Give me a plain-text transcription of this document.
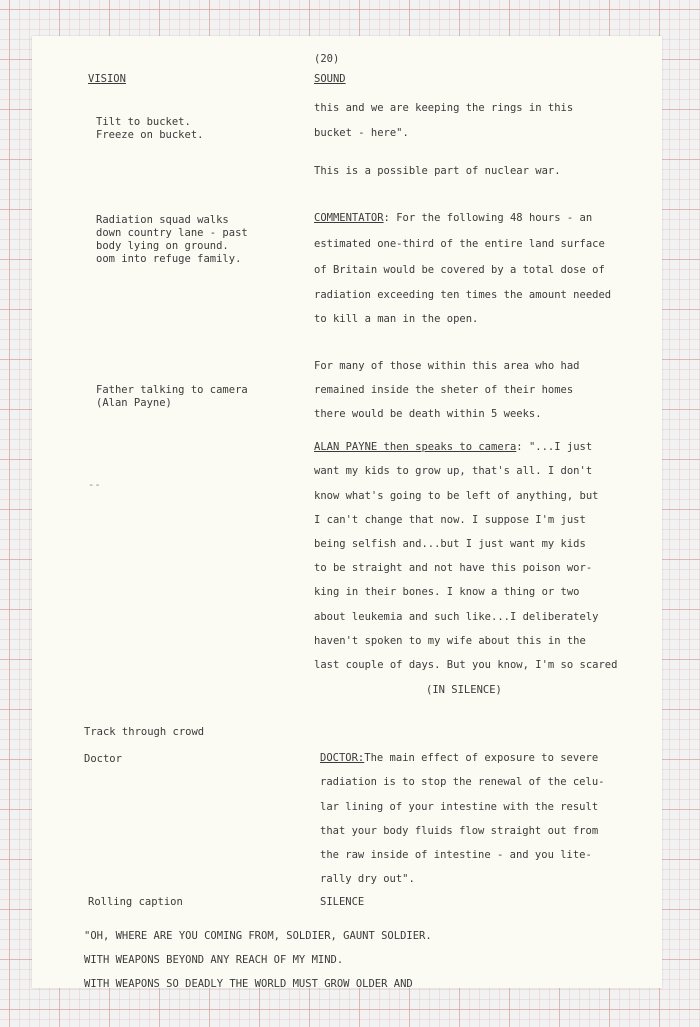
(20)

VISION	SOUND

Tilt to bucket.

Freeze on bucket.

Radiation squad walks

down country lane - past

body lying on ground.

oom into refuge family.

Father talking to camera

(Alan Payne)

--

Track through crowd

Doctor

Rolling caption

this and we are keeping the rings in this

bucket - here".

This is a possible part of nuclear war.

COMMENTATOR: For the following 48 hours - an

estimated one-third of the entire land surface

of Britain would be covered by a total dose of

radiation exceeding ten times the amount needed

to kill a man in the open.

For many of those within this area who had

remained inside the sheter of their homes

there would be death within 5 weeks.

ALAN PAYNE then speaks to camera: "...I just

want my kids to grow up, that's all. I don't

know what's going to be left of anything, but

I can't change that now. I suppose I'm just

being selfish and...but I just want my kids

to be straight and not have this poison wor-

king in their bones. I know a thing or two

about leukemia and such like...I deliberately

haven't spoken to my wife about this in the

last couple of days. But you know, I'm so scared

(IN SILENCE)

DOCTOR:The main effect of exposure to severe

radiation is to stop the renewal of the celu-

lar lining of your intestine with the result

that your body fluids flow straight out from

the raw inside of intestine - and you lite-

rally dry out".

SILENCE

"OH, WHERE ARE YOU COMING FROM, SOLDIER, GAUNT SOLDIER.

WITH WEAPONS BEYOND ANY REACH OF MY MIND.

WITH WEAPONS SO DEADLY THE WORLD MUST GROW OLDER AND
